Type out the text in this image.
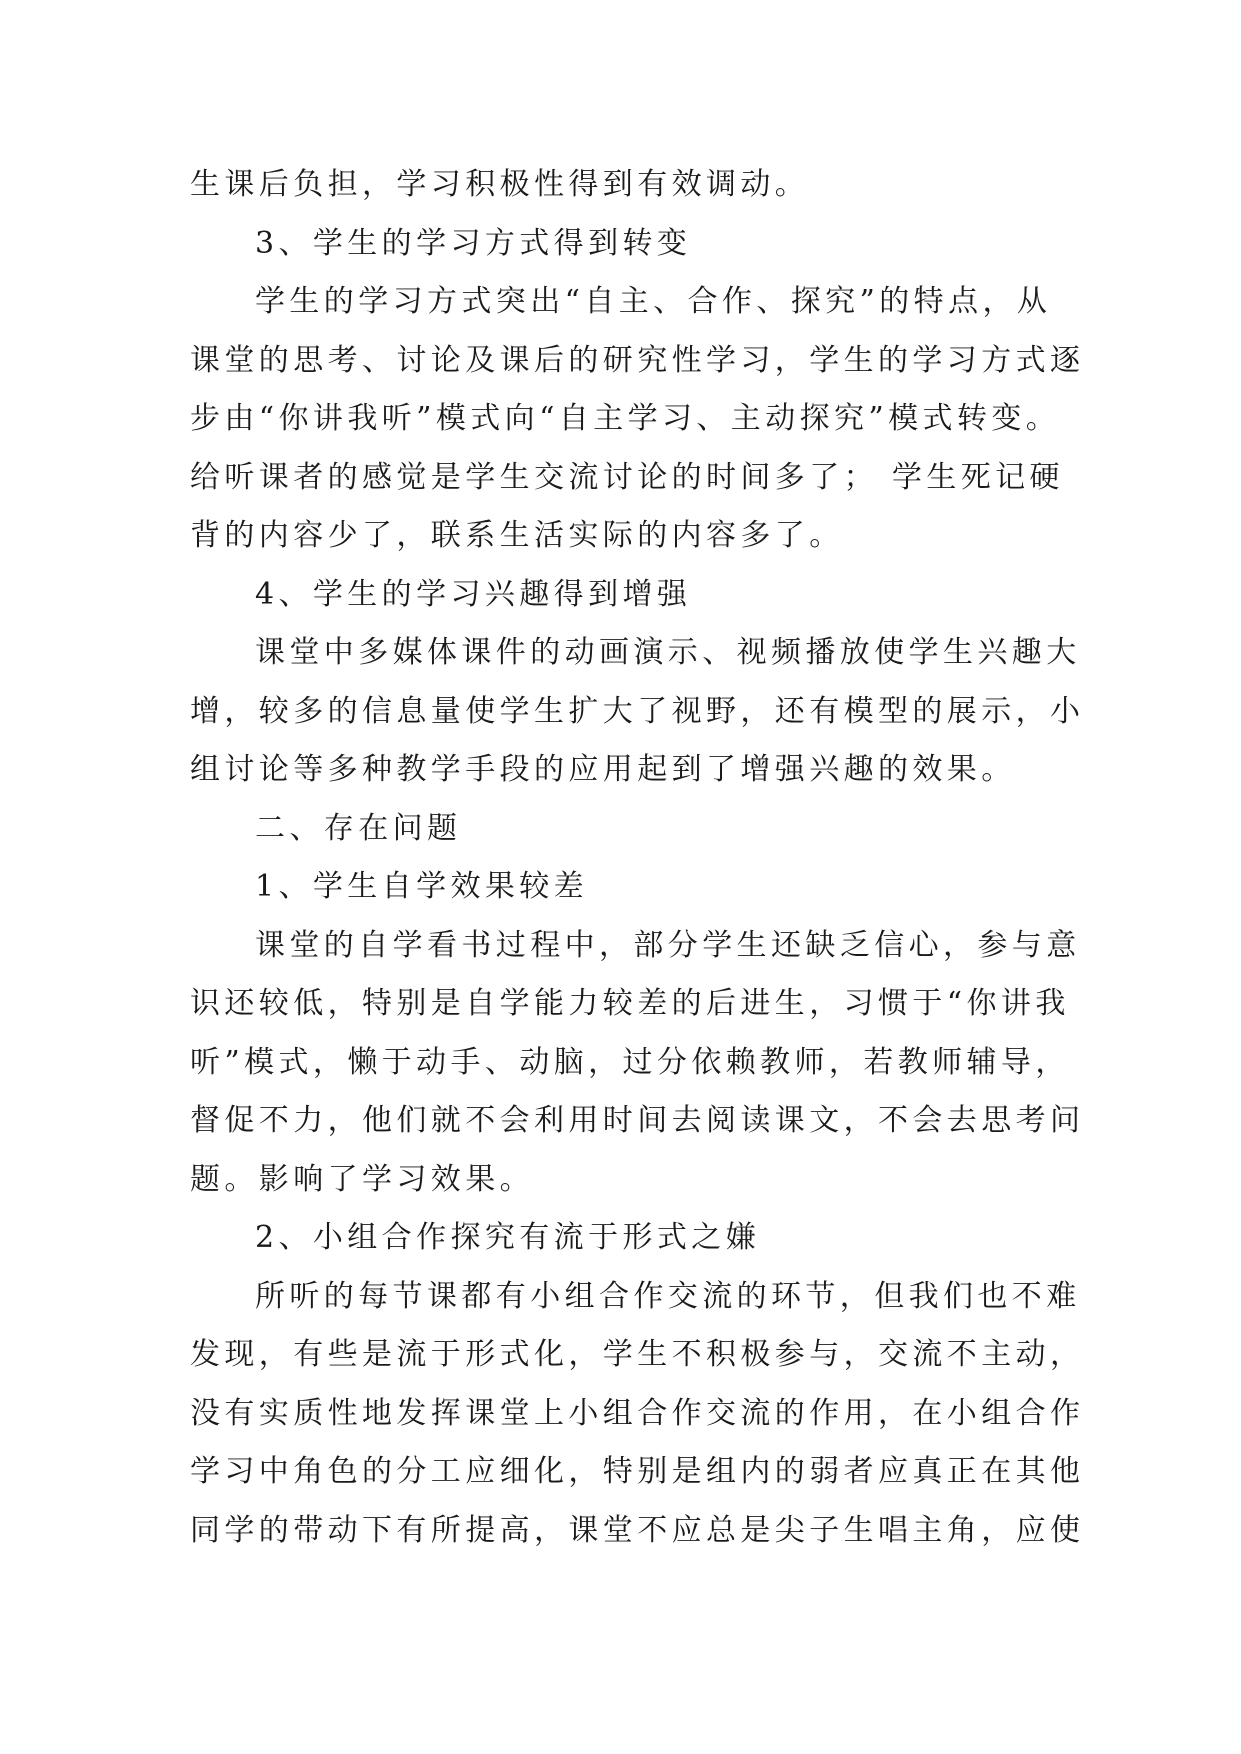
生课后负担，学习积极性得到有效调动。
3、学生的学习方式得到转变
学生的学习方式突出“自主、合作、探究”的特点，从
课堂的思考、讨论及课后的研究性学习，学生的学习方式逐
步由“你讲我听”模式向“自主学习、主动探究”模式转变。
给听课者的感觉是学生交流讨论的时间多了； 学生死记硬
背的内容少了，联系生活实际的内容多了。
4、学生的学习兴趣得到增强
课堂中多媒体课件的动画演示、视频播放使学生兴趣大
增，较多的信息量使学生扩大了视野，还有模型的展示，小
组讨论等多种教学手段的应用起到了增强兴趣的效果。
二、存在问题
1、学生自学效果较差
课堂的自学看书过程中，部分学生还缺乏信心，参与意
识还较低，特别是自学能力较差的后进生，习惯于“你讲我
听”模式，懒于动手、动脑，过分依赖教师，若教师辅导，
督促不力，他们就不会利用时间去阅读课文，不会去思考问
题。影响了学习效果。
2、小组合作探究有流于形式之嫌
所听的每节课都有小组合作交流的环节，但我们也不难
发现，有些是流于形式化，学生不积极参与，交流不主动，
没有实质性地发挥课堂上小组合作交流的作用，在小组合作
学习中角色的分工应细化，特别是组内的弱者应真正在其他
同学的带动下有所提高，课堂不应总是尖子生唱主角，应使
